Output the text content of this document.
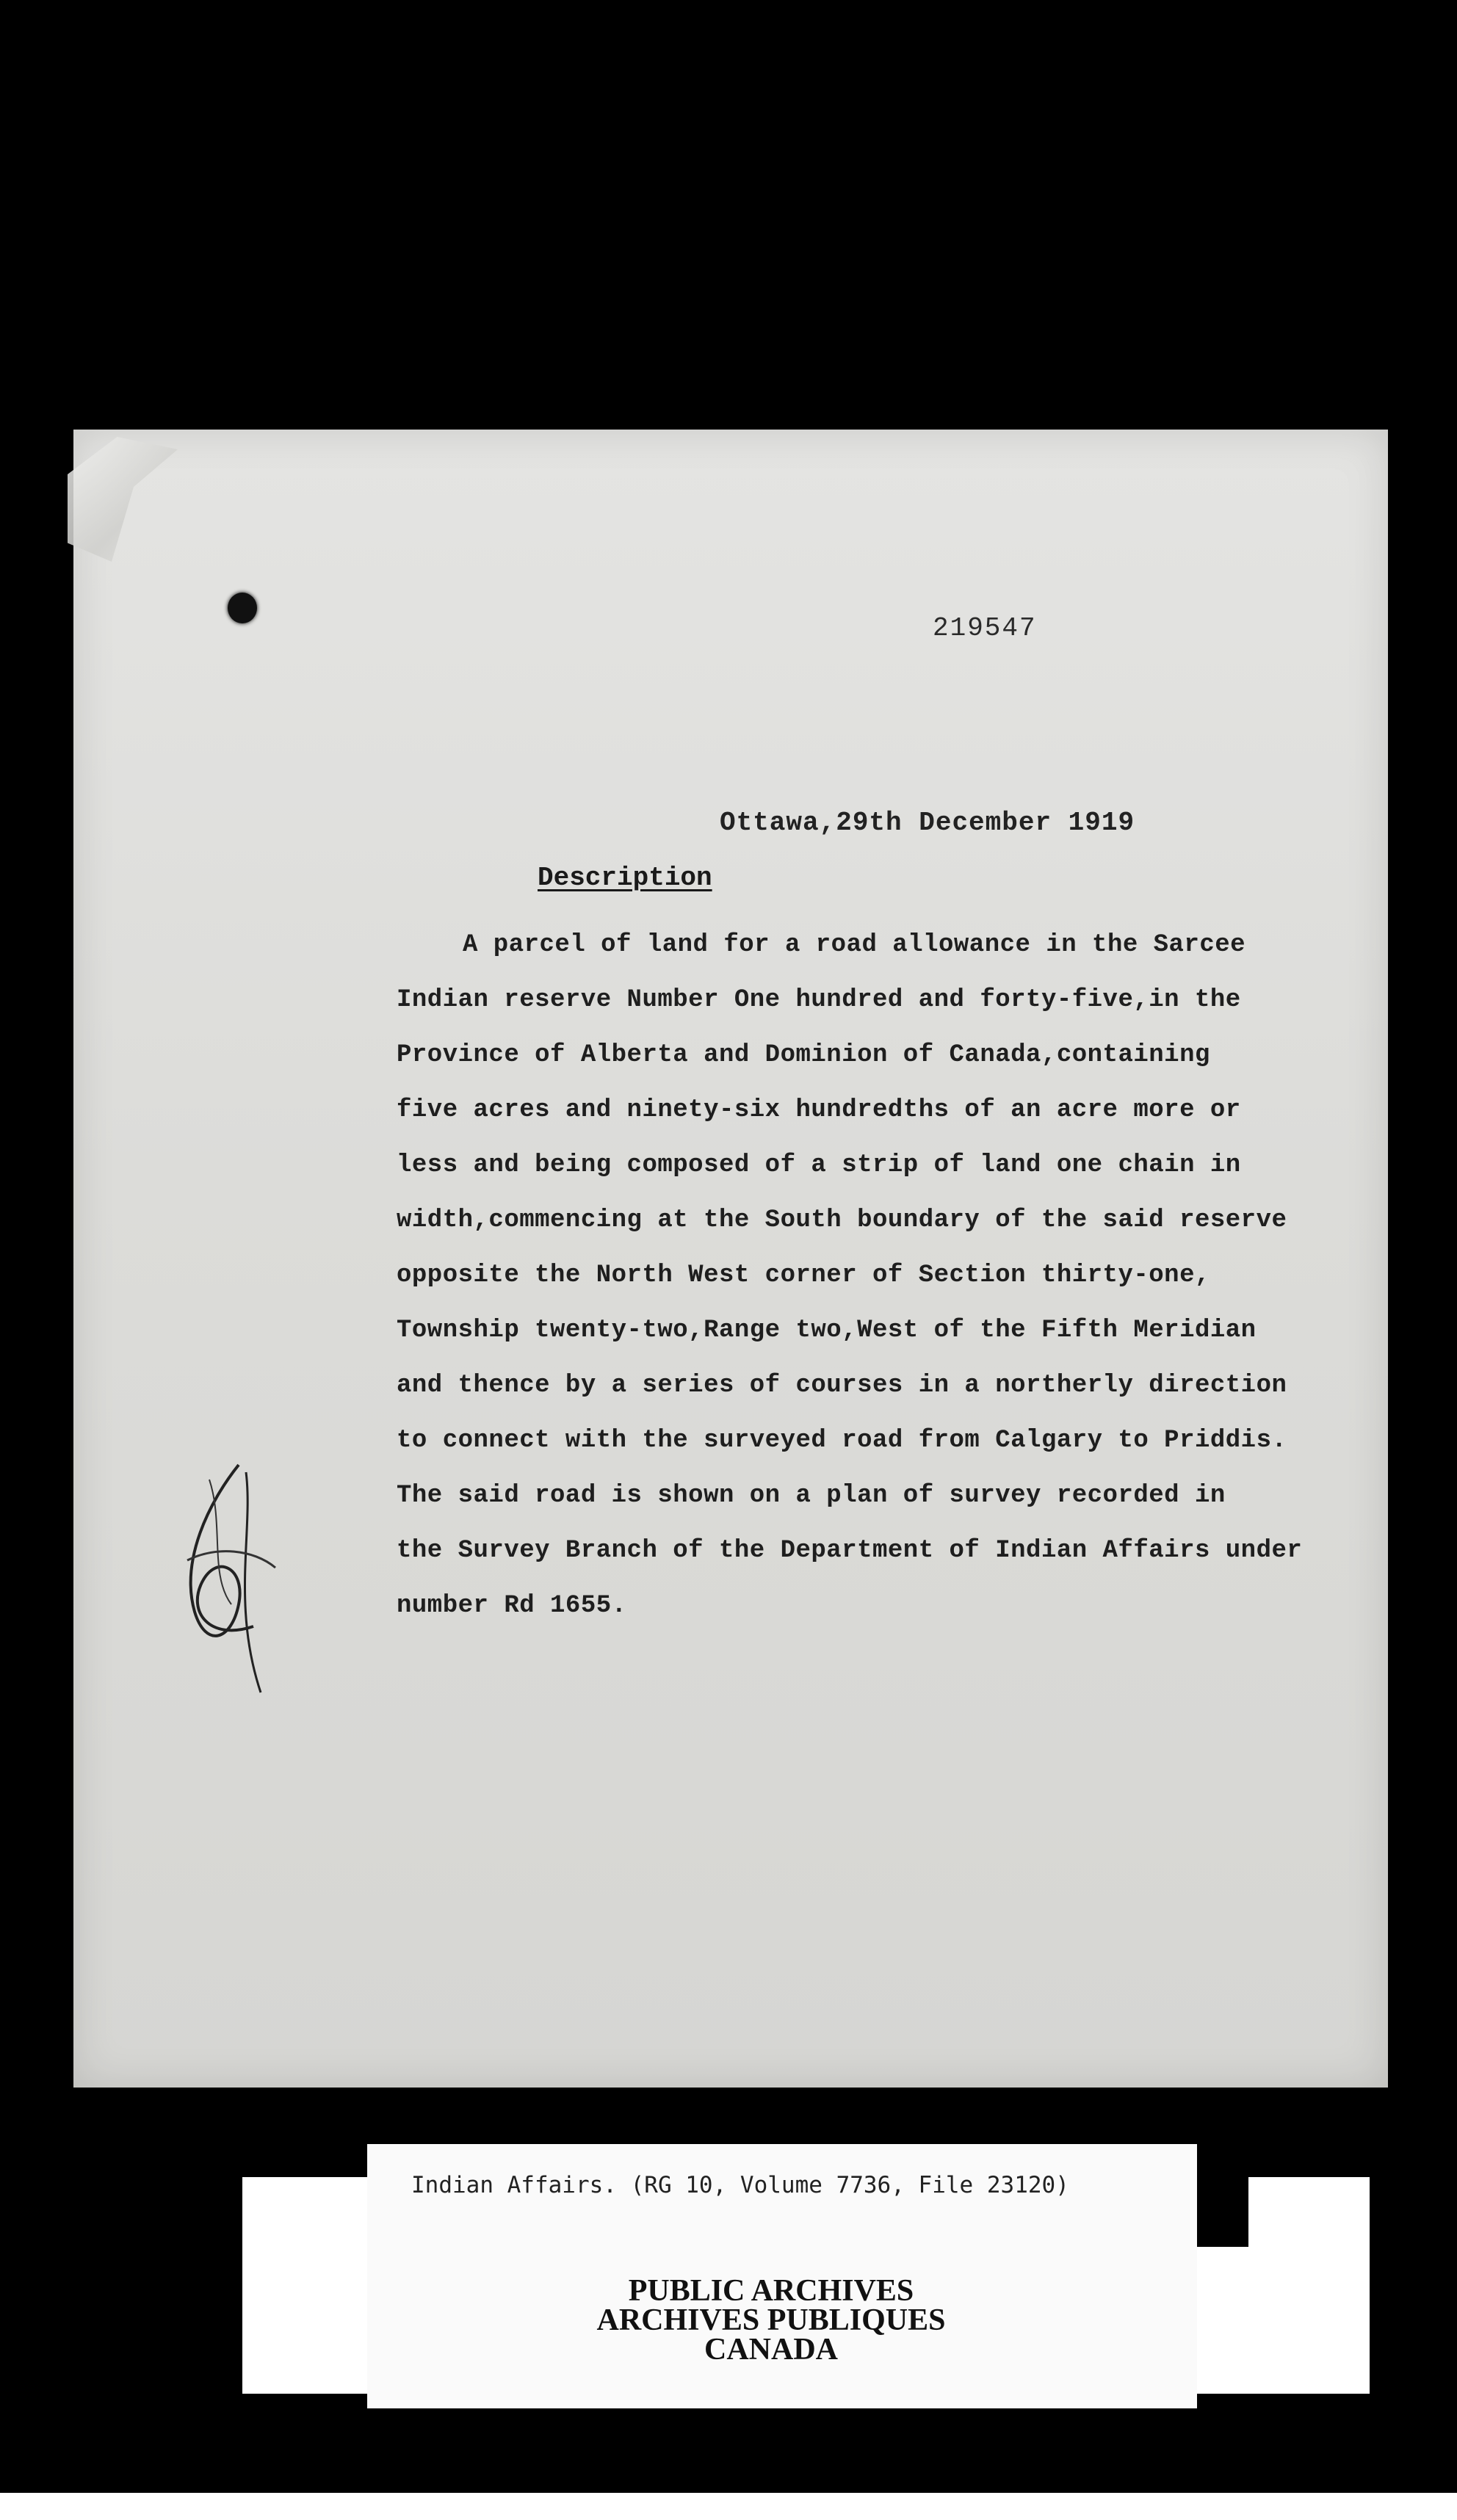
219547
Ottawa,29th December 1919
Description
A parcel of land for a road allowance in the Sarcee
Indian reserve Number One hundred and forty-five,in the
Province of Alberta and Dominion of Canada,containing
five acres and ninety-six hundredths of an acre more or
less and being composed of a strip of land one chain in
width,commencing at the South boundary of the said reserve
opposite the North West corner of Section thirty-one,
Township twenty-two,Range two,West of the Fifth Meridian
and thence by a series of courses in a northerly direction
to connect with the surveyed road from Calgary to Priddis.
The said road is shown on a plan of survey recorded in
the Survey Branch of the Department of Indian Affairs under
number Rd 1655.
Indian Affairs. (RG 10, Volume 7736, File 23120)
PUBLIC ARCHIVES
ARCHIVES PUBLIQUES
CANADA
